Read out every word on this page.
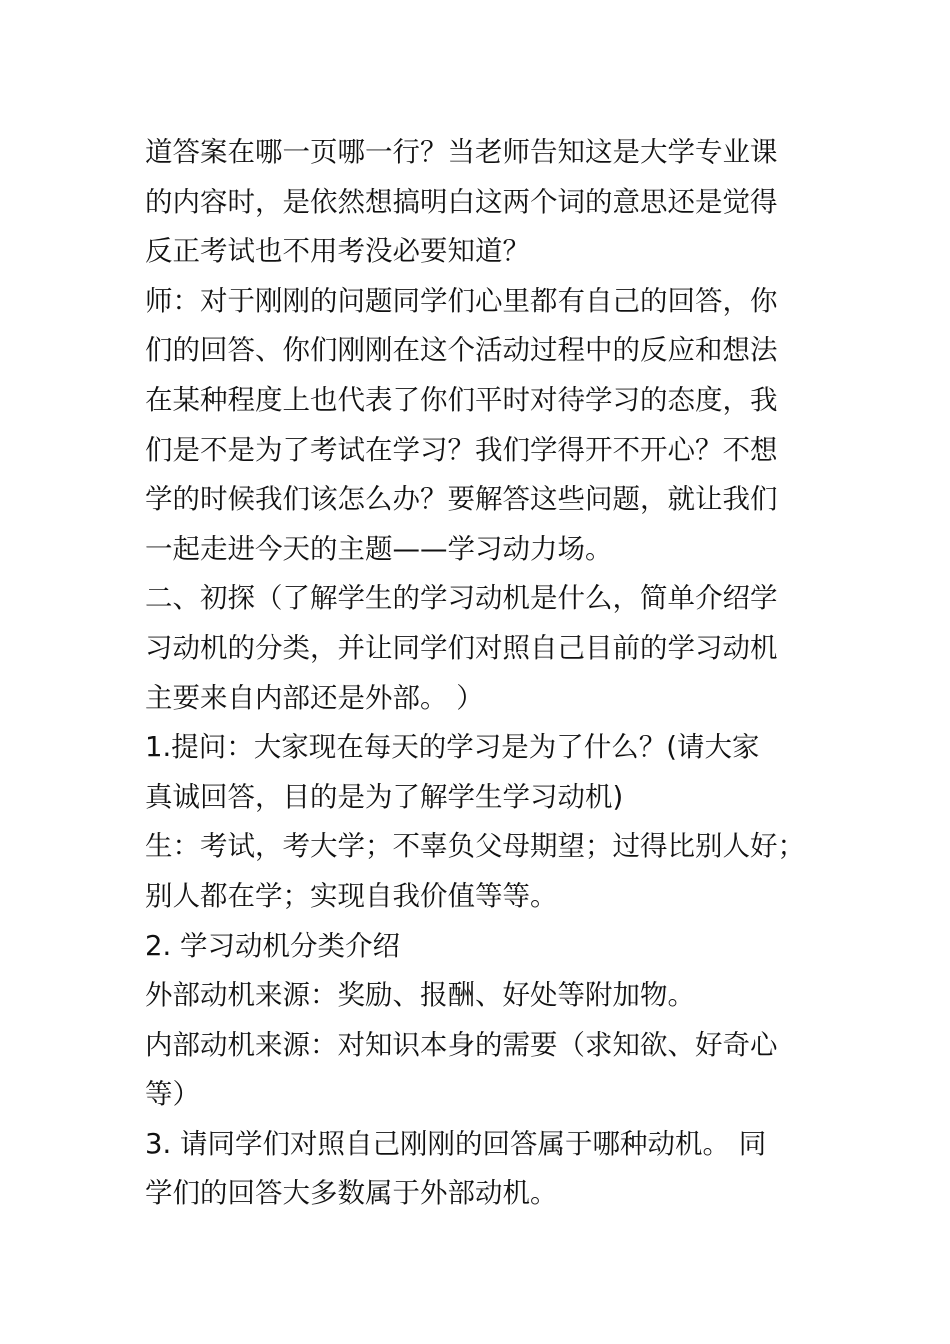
道答案在哪一页哪一行？当老师告知这是大学专业课
的内容时，是依然想搞明白这两个词的意思还是觉得
反正考试也不用考没必要知道？
师：对于刚刚的问题同学们心里都有自己的回答，你
们的回答、你们刚刚在这个活动过程中的反应和想法
在某种程度上也代表了你们平时对待学习的态度，我
们是不是为了考试在学习？我们学得开不开心？不想
学的时候我们该怎么办？要解答这些问题，就让我们
一起走进今天的主题——学习动力场。
二、初探（了解学生的学习动机是什么，简单介绍学
习动机的分类，并让同学们对照自己目前的学习动机
主要来自内部还是外部。 ）
1.提问：大家现在每天的学习是为了什么？(请大家
真诚回答，目的是为了解学生学习动机)
生：考试，考大学；不辜负父母期望；过得比别人好；
别人都在学；实现自我价值等等。
2. 学习动机分类介绍
外部动机来源：奖励、报酬、好处等附加物。
内部动机来源：对知识本身的需要（求知欲、好奇心
等）
3. 请同学们对照自己刚刚的回答属于哪种动机。 同
学们的回答大多数属于外部动机。
